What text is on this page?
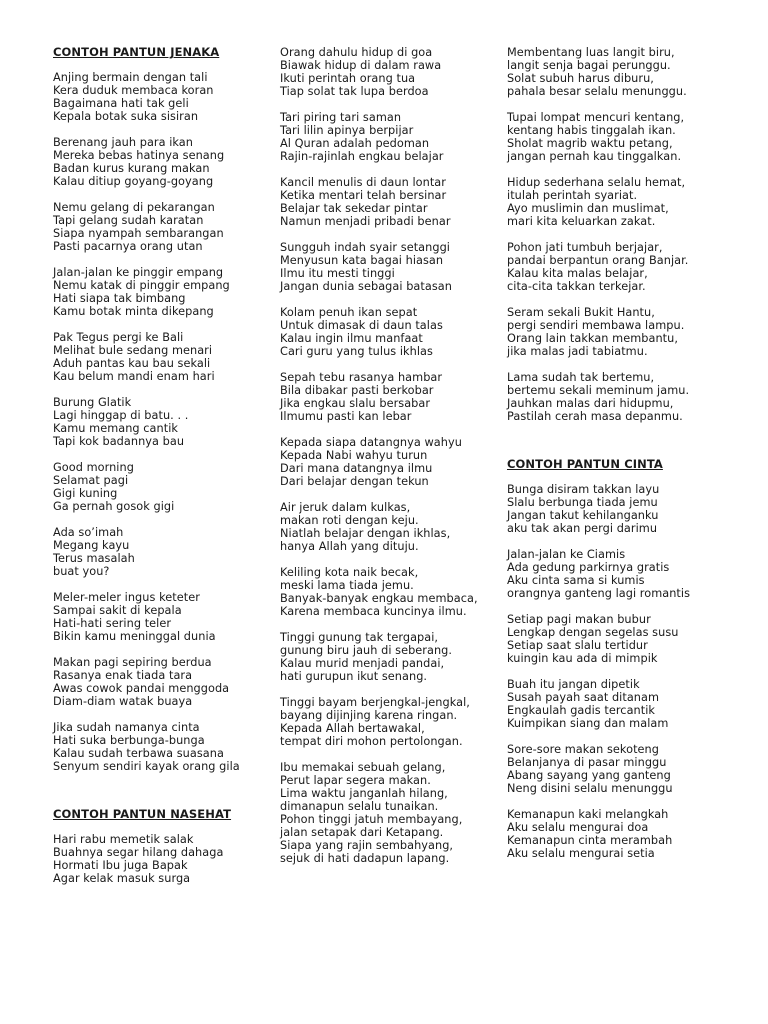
CONTOH PANTUN JENAKA
Anjing bermain dengan tali
Kera duduk membaca koran
Bagaimana hati tak geli
Kepala botak suka sisiran
Berenang jauh para ikan
Mereka bebas hatinya senang
Badan kurus kurang makan
Kalau ditiup goyang-goyang
Nemu gelang di pekarangan
Tapi gelang sudah karatan
Siapa nyampah sembarangan
Pasti pacarnya orang utan
Jalan-jalan ke pinggir empang
Nemu katak di pinggir empang
Hati siapa tak bimbang
Kamu botak minta dikepang
Pak Tegus pergi ke Bali
Melihat bule sedang menari
Aduh pantas kau bau sekali
Kau belum mandi enam hari
Burung Glatik
Lagi hinggap di batu. . .
Kamu memang cantik
Tapi kok badannya bau
Good morning
Selamat pagi
Gigi kuning
Ga pernah gosok gigi
Ada so’imah
Megang kayu
Terus masalah
buat you?
Meler-meler ingus keteter
Sampai sakit di kepala
Hati-hati sering teler
Bikin kamu meninggal dunia
Makan pagi sepiring berdua
Rasanya enak tiada tara
Awas cowok pandai menggoda
Diam-diam watak buaya
Jika sudah namanya cinta
Hati suka berbunga-bunga
Kalau sudah terbawa suasana
Senyum sendiri kayak orang gila
CONTOH PANTUN NASEHAT
Hari rabu memetik salak
Buahnya segar hilang dahaga
Hormati Ibu juga Bapak
Agar kelak masuk surga
Orang dahulu hidup di goa
Biawak hidup di dalam rawa
Ikuti perintah orang tua
Tiap solat tak lupa berdoa
Tari piring tari saman
Tari lilin apinya berpijar
Al Quran adalah pedoman
Rajin-rajinlah engkau belajar
Kancil menulis di daun lontar
Ketika mentari telah bersinar
Belajar tak sekedar pintar
Namun menjadi pribadi benar
Sungguh indah syair setanggi
Menyusun kata bagai hiasan
Ilmu itu mesti tinggi
Jangan dunia sebagai batasan
Kolam penuh ikan sepat
Untuk dimasak di daun talas
Kalau ingin ilmu manfaat
Cari guru yang tulus ikhlas
Sepah tebu rasanya hambar
Bila dibakar pasti berkobar
Jika engkau slalu bersabar
Ilmumu pasti kan lebar
Kepada siapa datangnya wahyu
Kepada Nabi wahyu turun
Dari mana datangnya ilmu
Dari belajar dengan tekun
Air jeruk dalam kulkas,
makan roti dengan keju.
Niatlah belajar dengan ikhlas,
hanya Allah yang dituju.
Keliling kota naik becak,
meski lama tiada jemu.
Banyak-banyak engkau membaca,
Karena membaca kuncinya ilmu.
Tinggi gunung tak tergapai,
gunung biru jauh di seberang.
Kalau murid menjadi pandai,
hati gurupun ikut senang.
Tinggi bayam berjengkal-jengkal,
bayang dijinjing karena ringan.
Kepada Allah bertawakal,
tempat diri mohon pertolongan.
Ibu memakai sebuah gelang,
Perut lapar segera makan.
Lima waktu janganlah hilang,
dimanapun selalu tunaikan.
Pohon tinggi jatuh membayang,
jalan setapak dari Ketapang.
Siapa yang rajin sembahyang,
sejuk di hati dadapun lapang.
Membentang luas langit biru,
langit senja bagai perunggu.
Solat subuh harus diburu,
pahala besar selalu menunggu.
Tupai lompat mencuri kentang,
kentang habis tinggalah ikan.
Sholat magrib waktu petang,
jangan pernah kau tinggalkan.
Hidup sederhana selalu hemat,
itulah perintah syariat.
Ayo muslimin dan muslimat,
mari kita keluarkan zakat.
Pohon jati tumbuh berjajar,
pandai berpantun orang Banjar.
Kalau kita malas belajar,
cita-cita takkan terkejar.
Seram sekali Bukit Hantu,
pergi sendiri membawa lampu.
Orang lain takkan membantu,
jika malas jadi tabiatmu.
Lama sudah tak bertemu,
bertemu sekali meminum jamu.
Jauhkan malas dari hidupmu,
Pastilah cerah masa depanmu.
CONTOH PANTUN CINTA
Bunga disiram takkan layu
Slalu berbunga tiada jemu
Jangan takut kehilanganku
aku tak akan pergi darimu
Jalan-jalan ke Ciamis
Ada gedung parkirnya gratis
Aku cinta sama si kumis
orangnya ganteng lagi romantis
Setiap pagi makan bubur
Lengkap dengan segelas susu
Setiap saat slalu tertidur
kuingin kau ada di mimpik
Buah itu jangan dipetik
Susah payah saat ditanam
Engkaulah gadis tercantik
Kuimpikan siang dan malam
Sore-sore makan sekoteng
Belanjanya di pasar minggu
Abang sayang yang ganteng
Neng disini selalu menunggu
Kemanapun kaki melangkah
Aku selalu mengurai doa
Kemanapun cinta merambah
Aku selalu mengurai setia
